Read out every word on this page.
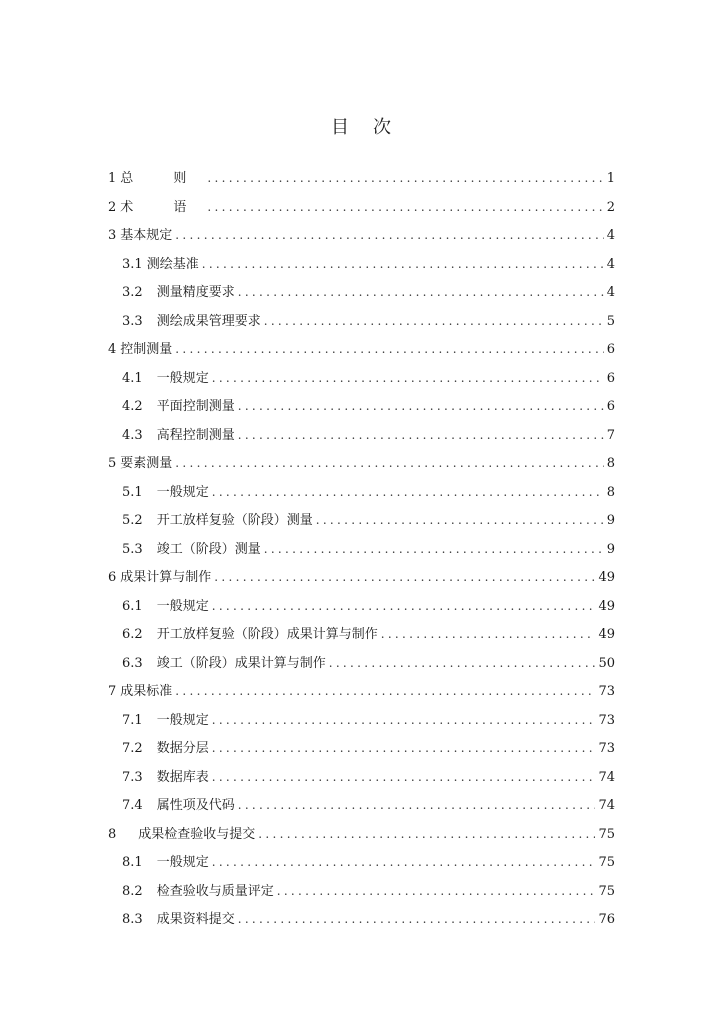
目 次
1 总 则 .....	1
2 术 语 .....	2
3 基本规定 .....	4
3.1 测绘基准 .....	4
3.2 测量精度要求 .....	4
3.3 测绘成果管理要求 .....	5
4 控制测量 .....	6
4.1 一般规定 .....	6
4.2 平面控制测量 .....	6
4.3 高程控制测量 .....	7
5 要素测量 .....	8
5.1 一般规定 .....	8
5.2 开工放样复验（阶段）测量 .....	9
5.3 竣工（阶段）测量 .....	9
6 成果计算与制作 .....	49
6.1 一般规定 .....	49
6.2 开工放样复验（阶段）成果计算与制作 .....	49
6.3 竣工（阶段）成果计算与制作 .....	50
7 成果标准 .....	73
7.1 一般规定 .....	73
7.2 数据分层 .....	73
7.3 数据库表 .....	74
7.4 属性项及代码 .....	74
8 成果检查验收与提交 .....	75
8.1 一般规定 .....	75
8.2 检查验收与质量评定 .....	75
8.3 成果资料提交 .....	76
